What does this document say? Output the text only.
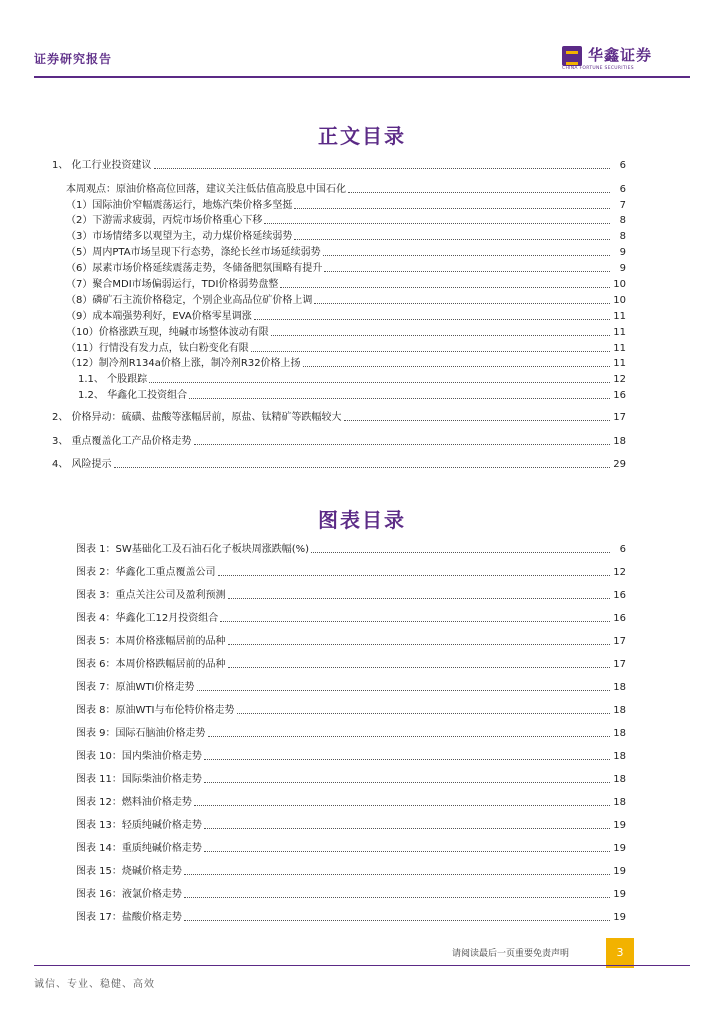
证券研究报告	华鑫证券
CHINA FORTUNE SECURITIES
正文目录
1、 化工行业投资建议	6
本周观点：原油价格高位回落，建议关注低估值高股息中国石化	6
（1）国际油价窄幅震荡运行，地炼汽柴价格多坚挺	7
（2）下游需求疲弱，丙烷市场价格重心下移	8
（3）市场情绪多以观望为主，动力煤价格延续弱势	8
（5）周内PTA市场呈现下行态势，涤纶长丝市场延续弱势	9
（6）尿素市场价格延续震荡走势，冬储备肥氛围略有提升	9
（7）聚合MDI市场偏弱运行，TDI价格弱势盘整	10
（8）磷矿石主流价格稳定，个别企业高品位矿价格上调	10
（9）成本端强势利好，EVA价格零星调涨	11
（10）价格涨跌互现，纯碱市场整体波动有限	11
（11）行情没有发力点，钛白粉变化有限	11
（12）制冷剂R134a价格上涨，制冷剂R32价格上扬	11
1.1、 个股跟踪	12
1.2、 华鑫化工投资组合	16
2、 价格异动：硫磺、盐酸等涨幅居前，原盐、钛精矿等跌幅较大	17
3、 重点覆盖化工产品价格走势	18
4、 风险提示	29
图表目录
图表 1：SW基础化工及石油石化子板块周涨跌幅(%)	6
图表 2：华鑫化工重点覆盖公司	12
图表 3：重点关注公司及盈利预测	16
图表 4：华鑫化工12月投资组合	16
图表 5：本周价格涨幅居前的品种	17
图表 6：本周价格跌幅居前的品种	17
图表 7：原油WTI价格走势	18
图表 8：原油WTI与布伦特价格走势	18
图表 9：国际石脑油价格走势	18
图表 10：国内柴油价格走势	18
图表 11：国际柴油价格走势	18
图表 12：燃料油价格走势	18
图表 13：轻质纯碱价格走势	19
图表 14：重质纯碱价格走势	19
图表 15：烧碱价格走势	19
图表 16：液氯价格走势	19
图表 17：盐酸价格走势	19
请阅读最后一页重要免责声明	3
诚信、专业、稳健、高效
